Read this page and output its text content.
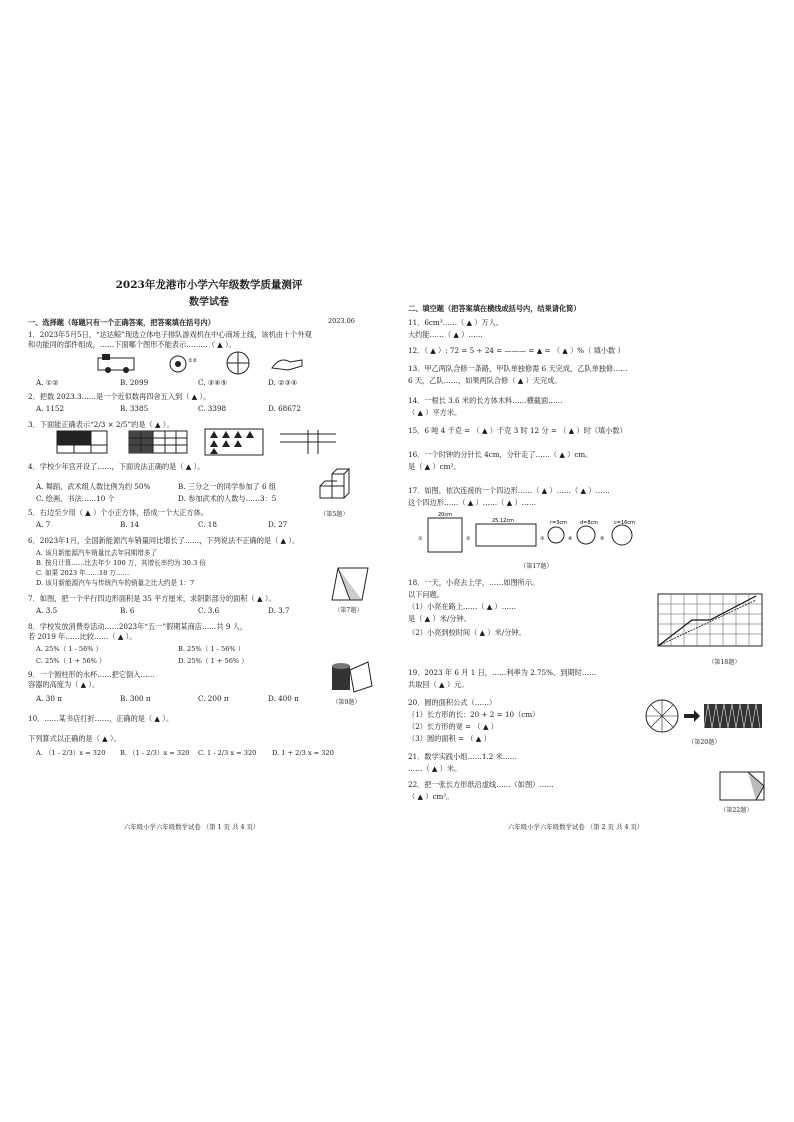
2023年龙港市小学六年级数学质量测评
数学试卷
2023.06
一、选择题（每题只有一个正确答案，把答案填在括号内）
1．2023年5月5日，“达达鲸”现选立体电子排队游戏机在中心商场上线，该机由十个外观
和功能同的部件组成，……下面哪个图形不能表示………（ ▲ ）。
①②
A. ①②	B. 2099	C. ③④⑤	D. ②③④
2．把数 2023.3……是一个近似数再四舍五入到（ ▲ ）。
A. 1152	B. 3385	C. 3398	D. 68672
3．下面能正确表示“2/3 × 2/5”的是（ ▲ ）。
4．学校少年宫开设了……，下面说法正确的是（ ▲ ）。
A. 舞蹈、武术组人数比例为约 50%	B. 三分之一的同学参加了 6 组
C. 绘画、书法……10 个	D. 参加武术的人数与……3：5
（第5题）
5．右边至少用（ ▲ ）个小正方体，搭成一个大正方体。
A. 7	B. 14	C. 18	D. 27
6．2023年1月，全国新能源汽车销量同比增长了……，下列说法不正确的是（ ▲ ）。
A. 该月新能源汽车销量比去年同期增多了
B. 按月计算……比去年少 100 万，其增长率约为 30.3 倍
C. 如果 2023 年……18 万……
D. 该月新能源汽车与传统汽车的销量之比大约是 1：7
（第7题）
7．如图，把一个平行四边形面积是 35 平方厘米，求阴影部分的面积（ ▲ ）。
A. 3.5	B. 6	C. 3.6	D. 3.7
8．学校发放消费券活动……2023年“五一”假期某商店……共 9 人，
若 2019 年……比较……（ ▲ ）。
A. 25%（ 1 - 56% ）	B. 25%（ 1 - 56% ）
C. 25%（ 1 + 56% ）	D. 25%（ 1 + 56% ）
（第9题）
9．一个圆柱形的水杯……把它倒入……
容器的高度为（ ▲ ）。
A. 30 π	B. 300 π	C. 200 π	D. 400 π
10．……某书店打折……，正确的是（ ▲ ）。
下列算式以正确的是（ ▲ ）。
A. （1 - 2/3）x = 320 B. （1 - 2/3）x = 320 C. 1 - 2/3 x = 320 D. 1 + 2/3 x = 320
六年级小学六年级数学试卷 （第 1 页 共 4 页）
二、填空题（把答案填在横线或括号内，结果请化简）
11．6cm³……（ ▲ ）万人。
大约能……（ ▲ ）……
12．（ ▲ ）: 72 = 5 ÷ 24 = ——— = ▲ = （ ▲ ）%（ 填小数 ）
13．甲乙两队合修一条路，甲队单独修需 6 天完成，乙队单独修……
6 天，乙队……，如果两队合修（ ▲ ）天完成。
14．一根长 3.6 米的长方体木料……横截面……
（ ▲ ）平方米。
15．6 吨 4 千克 = （ ▲ ）千克 3 时 12 分 = （ ▲ ）时（填小数）
16．一个时钟的分针长 4cm，分针走了……（ ▲ ）cm。
是（ ▲ ）cm²。
17．如图，依次连接的一个四边形……（ ▲ ）……（ ▲ ）……
这个四边形……（ ▲ ）……（ ▲ ）……
①
20cm
②
25.12cm
③
r=3cm
④
d=8cm
⑤
c=16cm
（第17题）
18．一天，小亮去上学，……如图所示。
以下问题。
（1）小亮在路上……（ ▲ ）……
是（ ▲ ）米/分钟。
（2）小亮到校时间（ ▲ ）米/分钟。
（第18题）
19．2023 年 6 月 1 日，……利率为 2.75%，到期时……
共取回（ ▲ ）元。
20．圆的面积公式（……）
（1）长方形的长：20 + 2 = 10（cm）
（2）长方形的宽 = （ ▲ ）
（3）圆的面积 = （ ▲ ）	（第20题）
21．数学实践小组……1.2 米……
……（ ▲ ）米。
22．把一张长方形纸沿虚线……（如图）……
（ ▲ ）cm²。
（第22题）
六年级小学六年级数学试卷 （第 2 页 共 4 页）
